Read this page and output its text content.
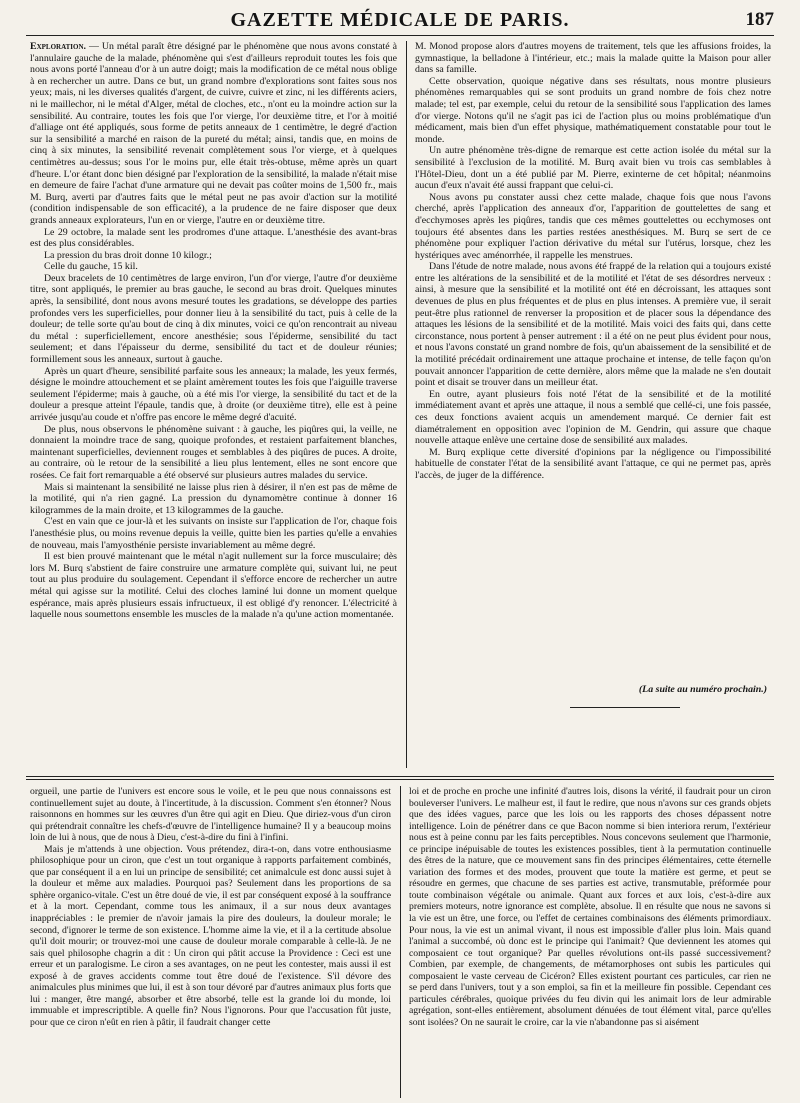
GAZETTE MÉDICALE DE PARIS.	187

Exploration. — Un métal paraît être désigné par le phénomène que nous avons constaté à l'annulaire gauche de la malade, phénomène qui s'est d'ailleurs reproduit toutes les fois que nous avons porté l'anneau d'or à un autre doigt; mais la modification de ce métal nous oblige à en rechercher un autre. Dans ce but, un grand nombre d'explorations sont faites sous nos yeux; mais, ni les diverses qualités d'argent, de cuivre, cuivre et zinc, ni les différents aciers, ni le maillechor, ni le métal d'Alger, métal de cloches, etc., n'ont eu la moindre action sur la sensibilité. Au contraire, toutes les fois que l'or vierge, l'or deuxième titre, et l'or à moitié d'alliage ont été appliqués, sous forme de petits anneaux de 1 centimètre, le degré d'action sur la sensibilité a marché en raison de la pureté du métal; ainsi, tandis que, en moins de cinq à six minutes, la sensibilité revenait complètement sous l'or vierge, et à quelques centimètres au-dessus; sous l'or le moins pur, elle était très-obtuse, même après un quart d'heure. L'or étant donc bien désigné par l'exploration de la sensibilité, la malade n'était mise en demeure de faire l'achat d'une armature qui ne devait pas coûter moins de 1,500 fr., mais M. Burq, averti par d'autres faits que le métal peut ne pas avoir d'action sur la motilité (condition indispensable de son efficacité), a la prudence de ne faire disposer que deux grands anneaux explorateurs, l'un en or vierge, l'autre en or deuxième titre.

Le 29 octobre, la malade sent les prodromes d'une attaque. L'anesthésie des avant-bras est des plus considérables.

La pression du bras droit donne 10 kilogr.;

Celle du gauche, 15 kil.

Deux bracelets de 10 centimètres de large environ, l'un d'or vierge, l'autre d'or deuxième titre, sont appliqués, le premier au bras gauche, le second au bras droit. Quelques minutes après, la sensibilité, dont nous avons mesuré toutes les gradations, se développe des parties profondes vers les superficielles, pour donner lieu à la sensibilité du tact, puis à celle de la douleur; de telle sorte qu'au bout de cinq à dix minutes, voici ce qu'on rencontrait au niveau du métal : superficiellement, encore anesthésie; sous l'épiderme, sensibilité du tact seulement; et dans l'épaisseur du derme, sensibilité du tact et de douleur réunies; formillement sous les anneaux, surtout à gauche.

Après un quart d'heure, sensibilité parfaite sous les anneaux; la malade, les yeux fermés, désigne le moindre attouchement et se plaint amèrement toutes les fois que l'aiguille traverse seulement l'épiderme; mais à gauche, où a été mis l'or vierge, la sensibilité du tact et de la douleur a presque atteint l'épaule, tandis que, à droite (or deuxième titre), elle est à peine arrivée jusqu'au coude et n'offre pas encore le même degré d'acuité.

De plus, nous observons le phénomène suivant : à gauche, les piqûres qui, la veille, ne donnaient la moindre trace de sang, quoique profondes, et restaient parfaitement blanches, maintenant superficielles, deviennent rouges et semblables à des piqûres de puces. A droite, au contraire, où le retour de la sensibilité a lieu plus lentement, elles ne sont encore que rosées. Ce fait fort remarquable a été observé sur plusieurs autres malades du service.

Mais si maintenant la sensibilité ne laisse plus rien à désirer, il n'en est pas de même de la motilité, qui n'a rien gagné. La pression du dynamomètre continue à donner 16 kilogrammes de la main droite, et 13 kilogrammes de la gauche.

C'est en vain que ce jour-là et les suivants on insiste sur l'application de l'or, chaque fois l'anesthésie plus, ou moins revenue depuis la veille, quitte bien les parties qu'elle a envahies de nouveau, mais l'amyosthénie persiste invariablement au même degré.

Il est bien prouvé maintenant que le métal n'agit nullement sur la force musculaire; dès lors M. Burq s'abstient de faire construire une armature complète qui, suivant lui, ne peut tout au plus produire du soulagement. Cependant il s'efforce encore de rechercher un autre métal qui agisse sur la motilité. Celui des cloches laminé lui donne un moment quelque espérance, mais après plusieurs essais infructueux, il est obligé d'y renoncer. L'électricité à laquelle nous soumettons ensemble les muscles de la malade n'a qu'une action momentanée.

M. Monod propose alors d'autres moyens de traitement, tels que les affusions froides, la gymnastique, la belladone à l'intérieur, etc.; mais la malade quitte la Maison pour aller dans sa famille.

Cette observation, quoique négative dans ses résultats, nous montre plusieurs phénomènes remarquables qui se sont produits un grand nombre de fois chez notre malade; tel est, par exemple, celui du retour de la sensibilité sous l'application des lames d'or vierge. Notons qu'il ne s'agit pas ici de l'action plus ou moins problématique d'un médicament, mais bien d'un effet physique, mathématiquement constatable pour tout le monde.

Un autre phénomène très-digne de remarque est cette action isolée du métal sur la sensibilité à l'exclusion de la motilité. M. Burq avait bien vu trois cas semblables à l'Hôtel-Dieu, dont un a été publié par M. Pierre, exinterne de cet hôpital; néanmoins aucun d'eux n'avait été aussi frappant que celui-ci.

Nous avons pu constater aussi chez cette malade, chaque fois que nous l'avons cherché, après l'application des anneaux d'or, l'apparition de gouttelettes de sang et d'ecchymoses après les piqûres, tandis que ces mêmes gouttelettes ou ecchymoses ont toujours été absentes dans les parties restées anesthésiques. M. Burq se sert de ce phénomène pour expliquer l'action dérivative du métal sur l'utérus, lorsque, chez les hystériques avec aménorrhée, il rappelle les menstrues.

Dans l'étude de notre malade, nous avons été frappé de la relation qui a toujours existé entre les altérations de la sensibilité et de la motilité et l'état de ses désordres nerveux : ainsi, à mesure que la sensibilité et la motilité ont été en décroissant, les attaques sont devenues de plus en plus fréquentes et de plus en plus intenses. A première vue, il serait peut-être plus rationnel de renverser la proposition et de placer sous la dépendance des attaques les lésions de la sensibilité et de la motilité. Mais voici des faits qui, dans cette circonstance, nous portent à penser autrement : il a été on ne peut plus évident pour nous, et nous l'avons constaté un grand nombre de fois, qu'un abaissement de la sensibilité et de la motilité précédait ordinairement une attaque prochaine et intense, de telle façon qu'on pouvait annoncer l'apparition de cette dernière, alors même que la malade ne s'en doutait point et disait se trouver dans un meilleur état.

En outre, ayant plusieurs fois noté l'état de la sensibilité et de la motilité immédiatement avant et après une attaque, il nous a semblé que cellé-ci, une fois passée, ces deux fonctions avaient acquis un amendement marqué. Ce dernier fait est diamétralement en opposition avec l'opinion de M. Gendrin, qui assure que chaque nouvelle attaque enlève une certaine dose de sensibilité aux malades.

M. Burq explique cette diversité d'opinions par la négligence ou l'impossibilité habituelle de constater l'état de la sensibilité avant l'attaque, ce qui ne permet pas, après l'accès, de juger de la différence.

(La suite au numéro prochain.)

orgueil, une partie de l'univers est encore sous le voile, et le peu que nous connaissons est continuellement sujet au doute, à l'incertitude, à la discussion. Comment s'en étonner? Nous raisonnons en hommes sur les œuvres d'un être qui agit en Dieu. Que diriez-vous d'un ciron qui prétendrait connaître les chefs-d'œuvre de l'intelligence humaine? Il y a beaucoup moins loin de lui à nous, que de nous à Dieu, c'est-à-dire du fini à l'infini.

Mais je m'attends à une objection. Vous prétendez, dira-t-on, dans votre enthousiasme philosophique pour un ciron, que c'est un tout organique à rapports parfaitement combinés, que par conséquent il a en lui un principe de sensibilité; cet animalcule est donc aussi sujet à la douleur et même aux maladies. Pourquoi pas? Seulement dans les proportions de sa sphère organico-vitale. C'est un être doué de vie, il est par conséquent exposé à la souffrance et à la mort. Cependant, comme tous les animaux, il a sur nous deux avantages inappréciables : le premier de n'avoir jamais la pire des douleurs, la douleur morale; le second, d'ignorer le terme de son existence. L'homme aime la vie, et il a la certitude absolue qu'il doit mourir; or trouvez-moi une cause de douleur morale comparable à celle-là. Je ne sais quel philosophe chagrin a dit : Un ciron qui pâtit accuse la Providence : Ceci est une erreur et un paralogisme. Le ciron a ses avantages, on ne peut les contester, mais aussi il est exposé à de graves accidents comme tout être doué de l'existence. S'il dévore des animalcules plus minimes que lui, il est à son tour dévoré par d'autres animaux plus forts que lui : manger, être mangé, absorber et être absorbé, telle est la grande loi du monde, loi immuable et imprescriptible. A quelle fin? Nous l'ignorons. Pour que l'accusation fût juste, pour que ce ciron n'eût en rien à pâtir, il faudrait changer cette

loi et de proche en proche une infinité d'autres lois, disons la vérité, il faudrait pour un ciron bouleverser l'univers. Le malheur est, il faut le redire, que nous n'avons sur ces grands objets que des idées vagues, parce que les lois ou les rapports des choses dépassent notre intelligence. Loin de pénétrer dans ce que Bacon nomme si bien interiora rerum, l'extérieur nous est à peine connu par les faits perceptibles. Nous concevons seulement que l'harmonie, ce principe inépuisable de toutes les existences possibles, tient à la permutation continuelle des êtres de la nature, que ce mouvement sans fin des principes élémentaires, cette éternelle variation des formes et des modes, prouvent que toute la matière est germe, et peut se résoudre en germes, que chacune de ses parties est active, transmutable, préformée pour toute combinaison végétale ou animale. Quant aux forces et aux lois, c'est-à-dire aux premiers moteurs, notre ignorance est complète, absolue. Il en résulte que nous ne savons si la vie est un être, une force, ou l'effet de certaines combinaisons des éléments primordiaux. Pour nous, la vie est un animal vivant, il nous est impossible d'aller plus loin. Mais quand l'animal a succombé, où donc est le principe qui l'animait? Que deviennent les atomes qui composaient ce tout organique? Par quelles révolutions ont-ils passé successivement? Combien, par exemple, de changements, de métamorphoses ont subis les particules qui composaient le vaste cerveau de Cicéron? Elles existent pourtant ces particules, car rien ne se perd dans l'univers, tout y a son emploi, sa fin et la meilleure fin possible. Cependant ces particules cérébrales, quoique privées du feu divin qui les animait lors de leur admirable agrégation, sont-elles entièrement, absolument dénuées de tout élément vital, parce qu'elles sont isolées? On ne saurait le croire, car la vie n'abandonne pas si aisément
